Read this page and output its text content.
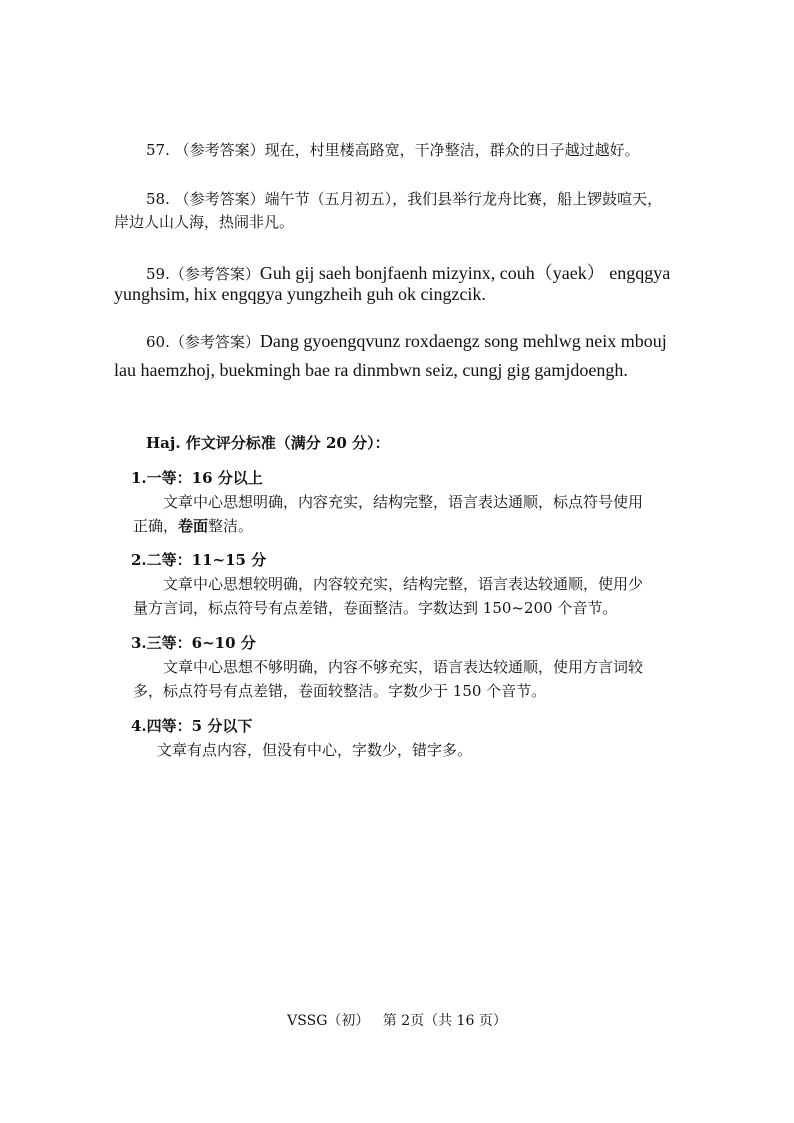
57. （参考答案）现在，村里楼高路宽，干净整洁，群众的日子越过越好。
58. （参考答案）端午节（五月初五），我们县举行龙舟比赛，船上锣鼓喧天，
岸边人山人海，热闹非凡。
59.（参考答案）Guh gij saeh bonjfaenh mizyinx, couh（yaek） engqgya
yunghsim, hix engqgya yungzheih guh ok cingzcik.
60.（参考答案）Dang gyoengqvunz roxdaengz song mehlwg neix mbouj
lau haemzhoj, buekmingh bae ra dinmbwn seiz, cungj gig gamjdoengh.
Haj. 作文评分标准（满分 20 分）：
1.一等：16 分以上
文章中心思想明确，内容充实，结构完整，语言表达通顺，标点符号使用
正确，卷面整洁。
2.二等：11~15 分
文章中心思想较明确，内容较充实，结构完整，语言表达较通顺，使用少
量方言词，标点符号有点差错，卷面整洁。字数达到 150~200 个音节。
3.三等：6~10 分
文章中心思想不够明确，内容不够充实，语言表达较通顺，使用方言词较
多，标点符号有点差错，卷面较整洁。字数少于 150 个音节。
4.四等：5 分以下
文章有点内容，但没有中心，字数少，错字多。
VSSG（初）   第 2页（共 16 页）
